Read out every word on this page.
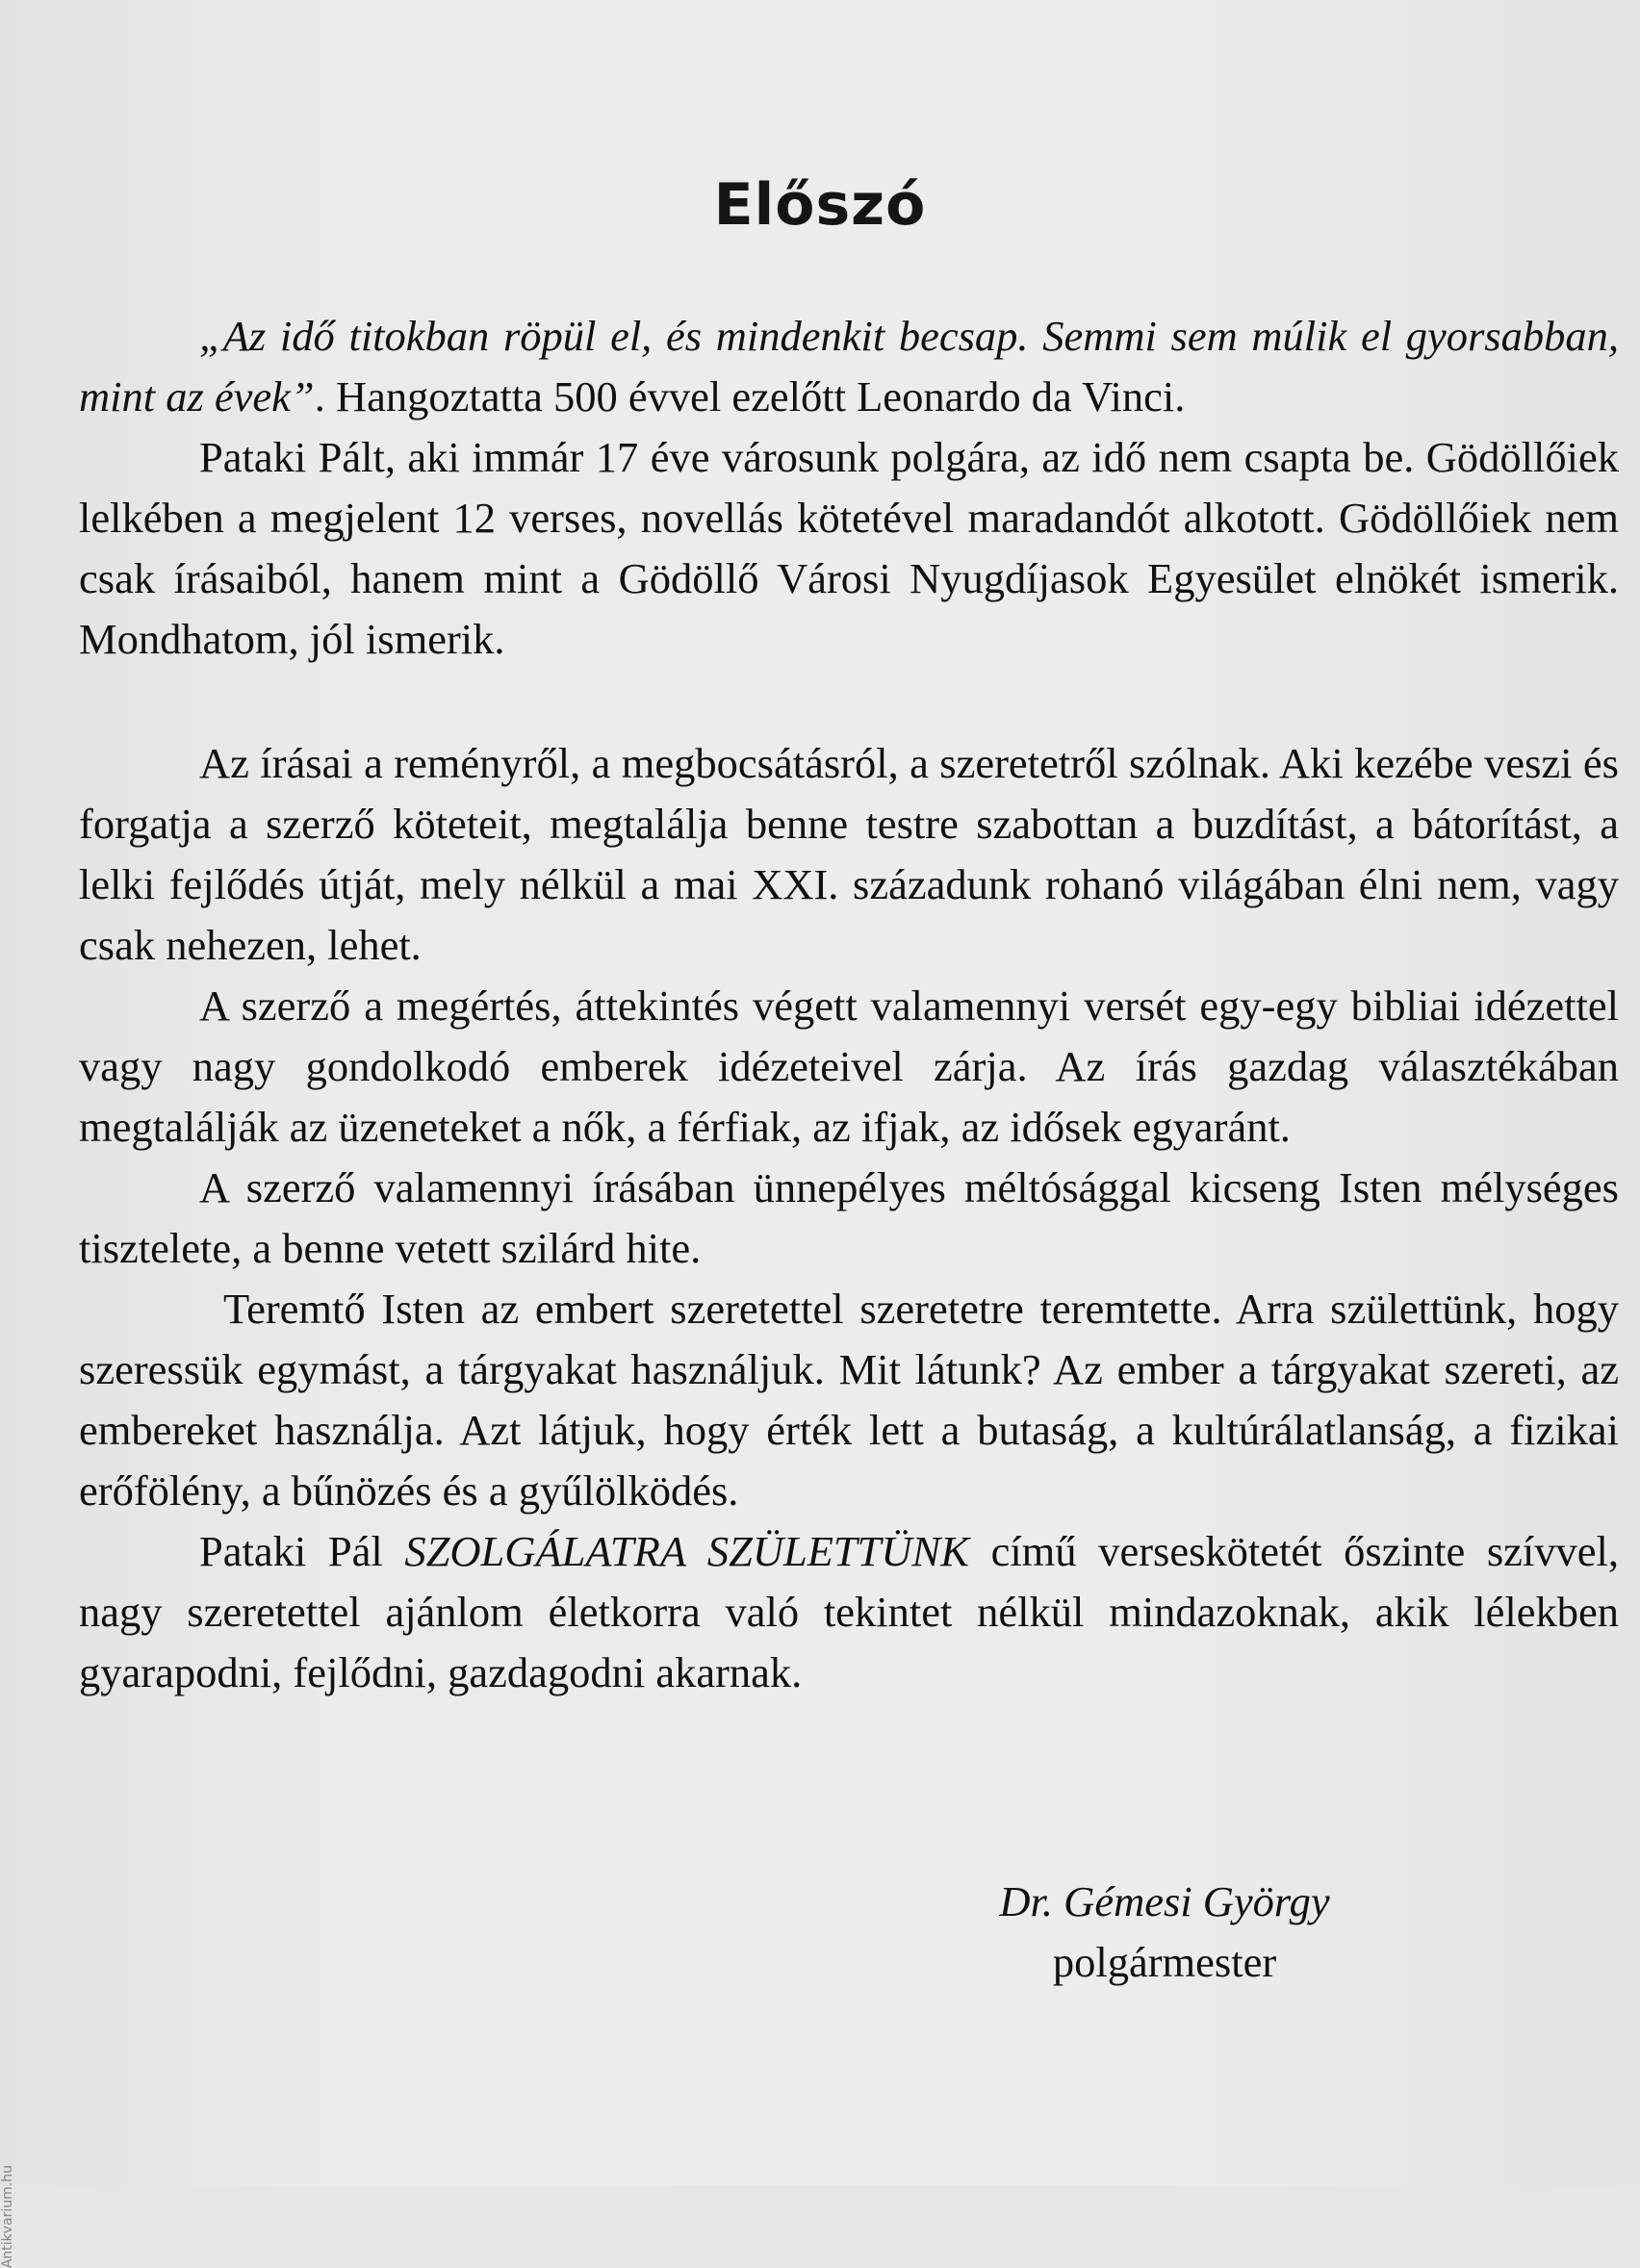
Előszó

„Az idő titokban röpül el, és mindenkit becsap. Semmi sem múlik el gyorsabban, mint az évek”. Hangoztatta 500 évvel ezelőtt Leonardo da Vinci.

Pataki Pált, aki immár 17 éve városunk polgára, az idő nem csapta be. Gödöllőiek lelkében a megjelent 12 verses, novellás kötetével maradandót alkotott. Gödöllőiek nem csak írásaiból, hanem mint a Gödöllő Városi Nyugdíjasok Egyesület elnökét ismerik. Mondhatom, jól ismerik.

Az írásai a reményről, a megbocsátásról, a szeretetről szólnak. Aki kezébe veszi és forgatja a szerző köteteit, megtalálja benne testre szabottan a buzdítást, a bátorítást, a lelki fejlődés útját, mely nélkül a mai XXI. századunk rohanó világában élni nem, vagy csak nehezen, lehet.

A szerző a megértés, áttekintés végett valamennyi versét egy-egy bibliai idézettel vagy nagy gondolkodó emberek idézeteivel zárja. Az írás gazdag választékában megtalálják az üzeneteket a nők, a férfiak, az ifjak, az idősek egyaránt.

A szerző valamennyi írásában ünnepélyes méltósággal kicseng Isten mélységes tisztelete, a benne vetett szilárd hite.

Teremtő Isten az embert szeretettel szeretetre teremtette. Arra születtünk, hogy szeressük egymást, a tárgyakat használjuk. Mit látunk? Az ember a tárgyakat szereti, az embereket használja. Azt látjuk, hogy érték lett a butaság, a kultúrálatlanság, a fizikai erőfölény, a bűnözés és a gyűlölködés.

Pataki Pál SZOLGÁLATRA SZÜLETTÜNK című verseskötetét őszinte szívvel, nagy szeretettel ajánlom életkorra való tekintet nélkül mindazoknak, akik lélekben gyarapodni, fejlődni, gazdagodni akarnak.

Dr. Gémesi György
polgármester
Antikvarium.hu
